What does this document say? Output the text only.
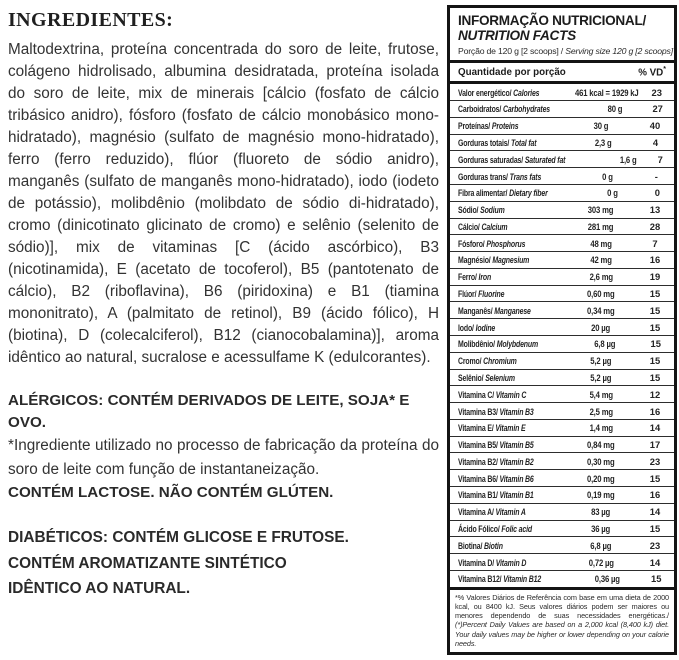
INGREDIENTES:

Maltodextrina, proteína concentrada do soro de leite, frutose, colágeno hidrolisado, albumina desidratada, proteína isolada do soro de leite, mix de minerais [cálcio (fosfato de cálcio tribásico anidro), fósforo (fosfato de cálcio monobásico mono-hidratado), magnésio (sulfato de magnésio mono-hidratado), ferro (ferro reduzido), flúor (fluoreto de sódio anidro), manganês (sulfato de manganês mono-hidratado), iodo (iodeto de potássio), molibdênio (molibdato de sódio di-hidratado), cromo (dinicotinato glicinato de cromo) e selênio (selenito de sódio)], mix de vitaminas [C (ácido ascórbico), B3 (nicotinamida), E (acetato de tocoferol), B5 (pantotenato de cálcio), B2 (riboflavina), B6 (piridoxina) e B1 (tiamina mononitrato), A (palmitato de retinol), B9 (ácido fólico), H (biotina), D (colecalciferol), B12 (cianocobalamina)], aroma idêntico ao natural, sucralose e acessulfame K (edulcorantes).

ALÉRGICOS: CONTÉM DERIVADOS DE LEITE, SOJA* E OVO.
*Ingrediente utilizado no processo de fabricação da proteína do soro de leite com função de instantaneização.
CONTÉM LACTOSE. NÃO CONTÉM GLÚTEN.
DIABÉTICOS: CONTÉM GLICOSE E FRUTOSE.
CONTÉM AROMATIZANTE SINTÉTICO
IDÊNTICO AO NATURAL.
INFORMAÇÃO NUTRICIONAL/
NUTRITION FACTS
Porção de 120 g [2 scoops] / Serving size 120 g [2 scoops]
Quantidade por porção	% VD*
Valor energético/ Calories	461 kcal = 1929 kJ	23
Carboidratos/ Carbohydrates	80 g	27
Proteínas/ Proteins	30 g	40
Gorduras totais/ Total fat	2,3 g	4
Gorduras saturadas/ Saturated fat	1,6 g	7
Gorduras trans/ Trans fats	0 g	-
Fibra alimentar/ Dietary fiber	0 g	0
Sódio/ Sodium	303 mg	13
Cálcio/ Calcium	281 mg	28
Fósforo/ Phosphorus	48 mg	7
Magnésio/ Magnesium	42 mg	16
Ferro/ Iron	2,6 mg	19
Flúor/ Fluorine	0,60 mg	15
Manganês/ Manganese	0,34 mg	15
Iodo/ Iodine	20 µg	15
Molibdênio/ Molybdenum	6,8 µg	15
Cromo/ Chromium	5,2 µg	15
Selênio/ Selenium	5,2 µg	15
Vitamina C/ Vitamin C	5,4 mg	12
Vitamina B3/ Vitamin B3	2,5 mg	16
Vitamina E/ Vitamin E	1,4 mg	14
Vitamina B5/ Vitamin B5	0,84 mg	17
Vitamina B2/ Vitamin B2	0,30 mg	23
Vitamina B6/ Vitamin B6	0,20 mg	15
Vitamina B1/ Vitamin B1	0,19 mg	16
Vitamina A/ Vitamin A	83 µg	14
Ácido Fólico/ Folic acid	36 µg	15
Biotina/ Biotin	6,8 µg	23
Vitamina D/ Vitamin D	0,72 µg	14
Vitamina B12/ Vitamin B12	0,36 µg	15
*% Valores Diários de Referência com base em uma dieta de 2000 kcal, ou 8400 kJ. Seus valores diários podem ser maiores ou menores dependendo de suas necessidades energéticas./ (*)Percent Daily Values are based on a 2,000 kcal (8,400 kJ) diet. Your daily values may be higher or lower depending on your calorie needs.
